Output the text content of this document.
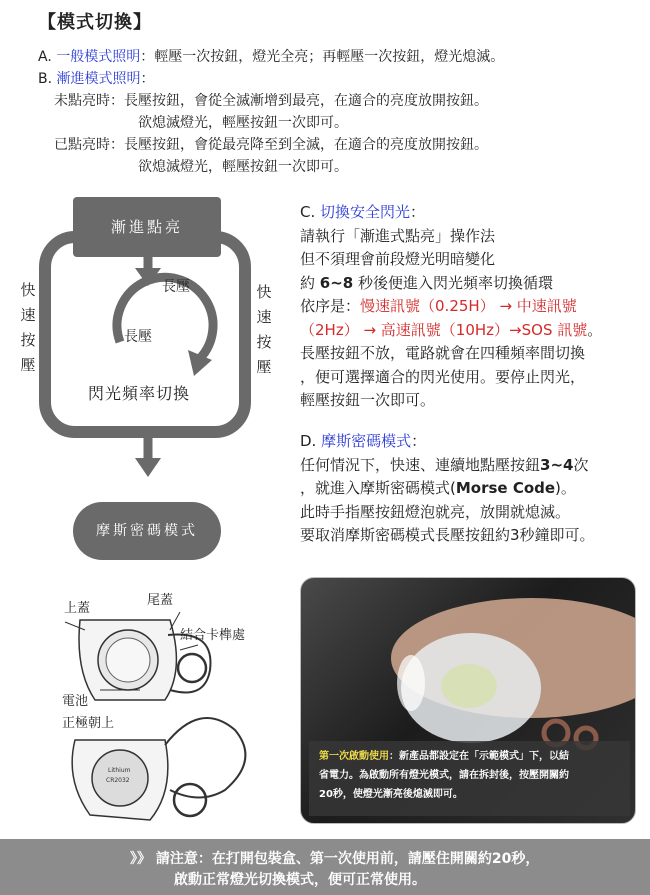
【模式切換】
A. 一般模式照明：輕壓一次按鈕，燈光全亮；再輕壓一次按鈕，燈光熄滅。
B. 漸進模式照明：
未點亮時：長壓按鈕，會從全滅漸增到最亮，在適合的亮度放開按鈕。
欲熄滅燈光，輕壓按鈕一次即可。
已點亮時：長壓按鈕，會從最亮降至到全滅，在適合的亮度放開按鈕。
欲熄滅燈光，輕壓按鈕一次即可。
漸進點亮
長壓
長壓
閃光頻率切換
摩斯密碼模式
快
速
按
壓
快
速
按
壓
C. 切換安全閃光：
請執行「漸進式點亮」操作法
但不須理會前段燈光明暗變化
約 6~8 秒後便進入閃光頻率切換循環
依序是：慢速訊號（0.25H） → 中速訊號
（2Hz） → 高速訊號（10Hz）→SOS 訊號。
長壓按鈕不放，電路就會在四種頻率間切換
，便可選擇適合的閃光使用。要停止閃光，
輕壓按鈕一次即可。
D. 摩斯密碼模式：
任何情況下，快速、連續地點壓按鈕3~4次
，就進入摩斯密碼模式(Morse Code)。
此時手指壓按鈕燈泡就亮，放開就熄滅。
要取消摩斯密碼模式長壓按鈕約3秒鐘即可。
Lithium
CR2032
上蓋
尾蓋
結合卡榫處
電池
正極朝上
第一次啟動使用：新產品都設定在「示範模式」下，以結
省電力。為啟動所有燈光模式，請在拆封後，按壓開關約
20秒，使燈光漸亮後熄滅即可。
》》 請注意：在打開包裝盒、第一次使用前，請壓住開關約20秒，
啟動正常燈光切換模式，便可正常使用。
